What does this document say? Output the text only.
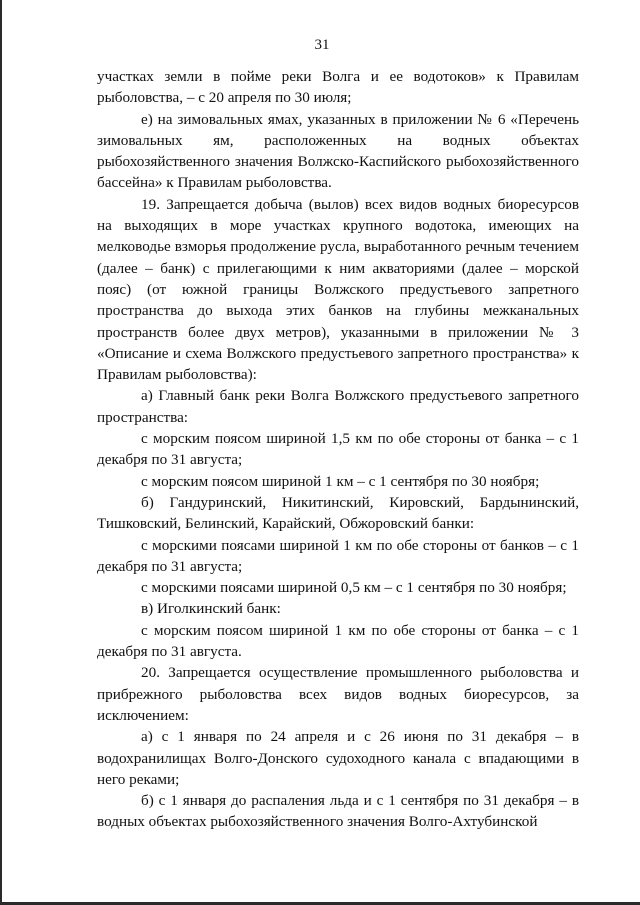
31

участках земли в пойме реки Волга и ее водотоков» к Правилам рыболовства, – с 20 апреля по 30 июля;

е) на зимовальных ямах, указанных в приложении № 6 «Перечень зимовальных ям, расположенных на водных объектах рыбохозяйственного значения Волжско-Каспийского рыбохозяйственного бассейна» к Правилам рыболовства.

19. Запрещается добыча (вылов) всех видов водных биоресурсов на выходящих в море участках крупного водотока, имеющих на мелководье взморья продолжение русла, выработанного речным течением (далее – банк) с прилегающими к ним акваториями (далее – морской пояс) (от южной границы Волжского предустьевого запретного пространства до выхода этих банков на глубины межканальных пространств более двух метров), указанными в приложении № 3 «Описание и схема Волжского предустьевого запретного пространства» к Правилам рыболовства):

а) Главный банк реки Волга Волжского предустьевого запретного пространства:

с морским поясом шириной 1,5 км по обе стороны от банка – с 1 декабря по 31 августа;

с морским поясом шириной 1 км – с 1 сентября по 30 ноября;

б) Гандуринский, Никитинский, Кировский, Бардынинский, Тишковский, Белинский, Карайский, Обжоровский банки:

с морскими поясами шириной 1 км по обе стороны от банков – с 1 декабря по 31 августа;

с морскими поясами шириной 0,5 км – с 1 сентября по 30 ноября;

в) Иголкинский банк:

с морским поясом шириной 1 км по обе стороны от банка – с 1 декабря по 31 августа.

20. Запрещается осуществление промышленного рыболовства и прибрежного рыболовства всех видов водных биоресурсов, за исключением:

а) с 1 января по 24 апреля и с 26 июня по 31 декабря – в водохранилищах Волго-Донского судоходного канала с впадающими в него реками;

б) с 1 января до распаления льда и с 1 сентября по 31 декабря – в водных объектах рыбохозяйственного значения Волго-Ахтубинской
